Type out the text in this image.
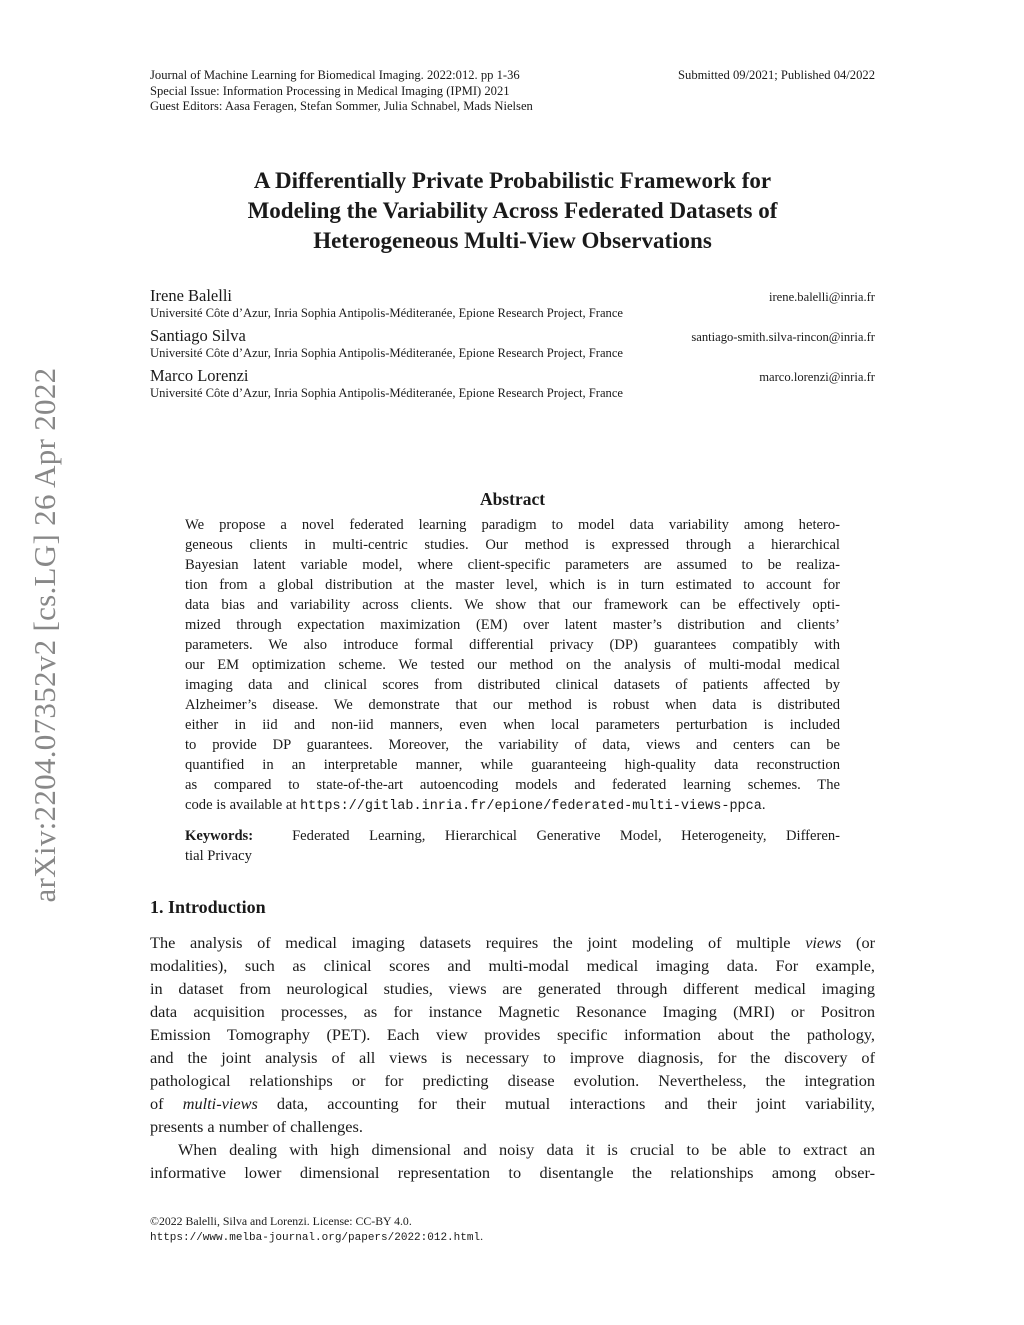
arXiv:2204.07352v2 [cs.LG] 26 Apr 2022
Journal of Machine Learning for Biomedical Imaging. 2022:012. pp 1-36	Submitted 09/2021; Published 04/2022
Special Issue: Information Processing in Medical Imaging (IPMI) 2021
Guest Editors: Aasa Feragen, Stefan Sommer, Julia Schnabel, Mads Nielsen
A Differentially Private Probabilistic Framework for
Modeling the Variability Across Federated Datasets of
Heterogeneous Multi-View Observations
Irene Balelli	irene.balelli@inria.fr
Université Côte d’Azur, Inria Sophia Antipolis-Méditeranée, Epione Research Project, France
Santiago Silva	santiago-smith.silva-rincon@inria.fr
Université Côte d’Azur, Inria Sophia Antipolis-Méditeranée, Epione Research Project, France
Marco Lorenzi	marco.lorenzi@inria.fr
Université Côte d’Azur, Inria Sophia Antipolis-Méditeranée, Epione Research Project, France
Abstract
We propose a novel federated learning paradigm to model data variability among hetero-
geneous clients in multi-centric studies. Our method is expressed through a hierarchical
Bayesian latent variable model, where client-specific parameters are assumed to be realiza-
tion from a global distribution at the master level, which is in turn estimated to account for
data bias and variability across clients. We show that our framework can be effectively opti-
mized through expectation maximization (EM) over latent master’s distribution and clients’
parameters. We also introduce formal differential privacy (DP) guarantees compatibly with
our EM optimization scheme. We tested our method on the analysis of multi-modal medical
imaging data and clinical scores from distributed clinical datasets of patients affected by
Alzheimer’s disease. We demonstrate that our method is robust when data is distributed
either in iid and non-iid manners, even when local parameters perturbation is included
to provide DP guarantees. Moreover, the variability of data, views and centers can be
quantified in an interpretable manner, while guaranteeing high-quality data reconstruction
as compared to state-of-the-art autoencoding models and federated learning schemes. The
code is available at https://gitlab.inria.fr/epione/federated-multi-views-ppca.
Keywords:	Federated Learning, Hierarchical Generative Model, Heterogeneity, Differen-
tial Privacy
1. Introduction
The analysis of medical imaging datasets requires the joint modeling of multiple views (or
modalities), such as clinical scores and multi-modal medical imaging data. For example,
in dataset from neurological studies, views are generated through different medical imaging
data acquisition processes, as for instance Magnetic Resonance Imaging (MRI) or Positron
Emission Tomography (PET). Each view provides specific information about the pathology,
and the joint analysis of all views is necessary to improve diagnosis, for the discovery of
pathological relationships or for predicting disease evolution. Nevertheless, the integration
of multi-views data, accounting for their mutual interactions and their joint variability,
presents a number of challenges.
When dealing with high dimensional and noisy data it is crucial to be able to extract an
informative lower dimensional representation to disentangle the relationships among obser-
©2022 Balelli, Silva and Lorenzi. License: CC-BY 4.0.
https://www.melba-journal.org/papers/2022:012.html.
